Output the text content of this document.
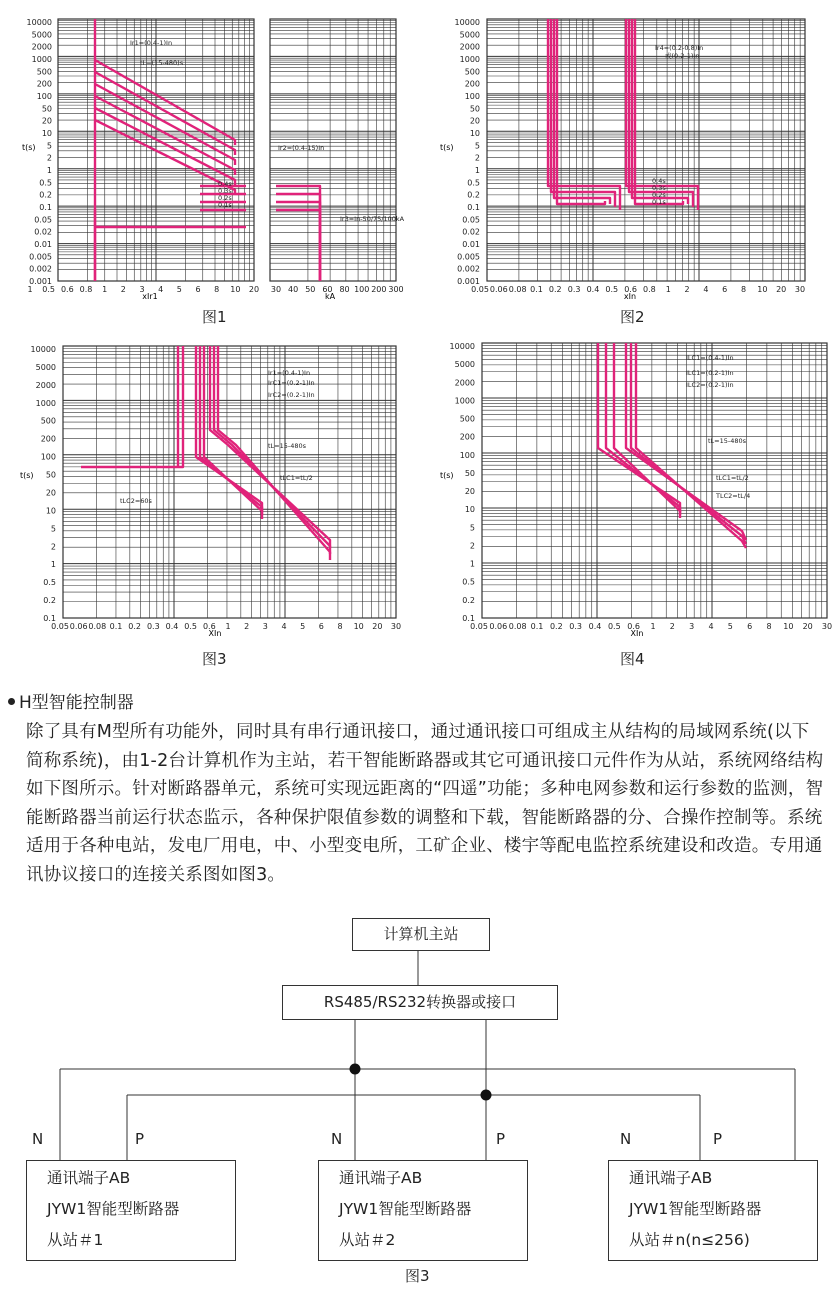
t(s)
10000
5000
2000
1000
500
200
100
50
20
10
5
2
1
0.5
0.2
0.1
0.05
0.02
0.01
0.005
0.002
0.001
1 0.5 0.6 0.8 1 2 3 4 5 6 8 10 20
xIr1
30 40 50 60 80 100 200 300
kA
Ir1=(0.4-1)In
tL=(15-480)s
Ir2=(0.4-15)In
Ir3=In-50/75/100kA
0.4s
0.3s
0.2s
0.1s
图1
t(s)
10000
5000
2000
1000
500
200
100
50
20
10
5
2
1
0.5
0.2
0.1
0.05
0.02
0.01
0.005
0.002
0.001
0.05 0.06 0.08 0.1 0.2 0.3 0.4 0.5 0.6 0.8 1 2 4 6 8 10 20 30
xIn
Ir4=(0.2-0.8)In
或(0.2-1)In
0.4s
0.3s
0.2s
0.1s
图2
t(s)
10000
5000
2000
1000
500
200
100
50
20
10
5
2
1
0.5
0.2
0.1
0.05 0.06 0.08 0.1 0.2 0.3 0.4 0.5 0.6 1 2 3 4 5 6 8 10 20 30
XIn
Ir1=(0.4-1)In
IrC1=(0.2-1)In
IrC2=(0.2-1)In
tL=15-480s
tLC1=tL/2
tLC2=60s
图3
t(s)
10000
5000
2000
1000
500
200
100
50
20
10
5
2
1
0.5
0.2
0.1
0.05 0.06 0.08 0.1 0.2 0.3 0.4 0.5 0.6 1 2 3 4 5 6 8 10 20 30
XIn
ILC1=(0.4-1)In
ILC1=(0.2-1)In
ILC2=(0.2-1)In
tL=15-480s
tLC1=tL/2
TLC2=tL/4
图4
H型智能控制器
除了具有M型所有功能外，同时具有串行通讯接口，通过通讯接口可组成主从结构的局域网系统(以下简称系统)，由1-2台计算机作为主站，若干智能断路器或其它可通讯接口元件作为从站，系统网络结构如下图所示。针对断路器单元，系统可实现远距离的“四遥”功能；多种电网参数和运行参数的监测，智能断路器当前运行状态监示，各种保护限值参数的调整和下载，智能断路器的分、合操作控制等。系统适用于各种电站，发电厂用电，中、小型变电所，工矿企业、楼宇等配电监控系统建设和改造。专用通讯协议接口的连接关系图如图3。
计算机主站
RS485/RS232转换器或接口
N	P	N	P	N	P
通讯端子AB
JYW1智能型断路器
从站＃1
通讯端子AB
JYW1智能型断路器
从站＃2
通讯端子AB
JYW1智能型断路器
从站＃n(n≤256)
图3
